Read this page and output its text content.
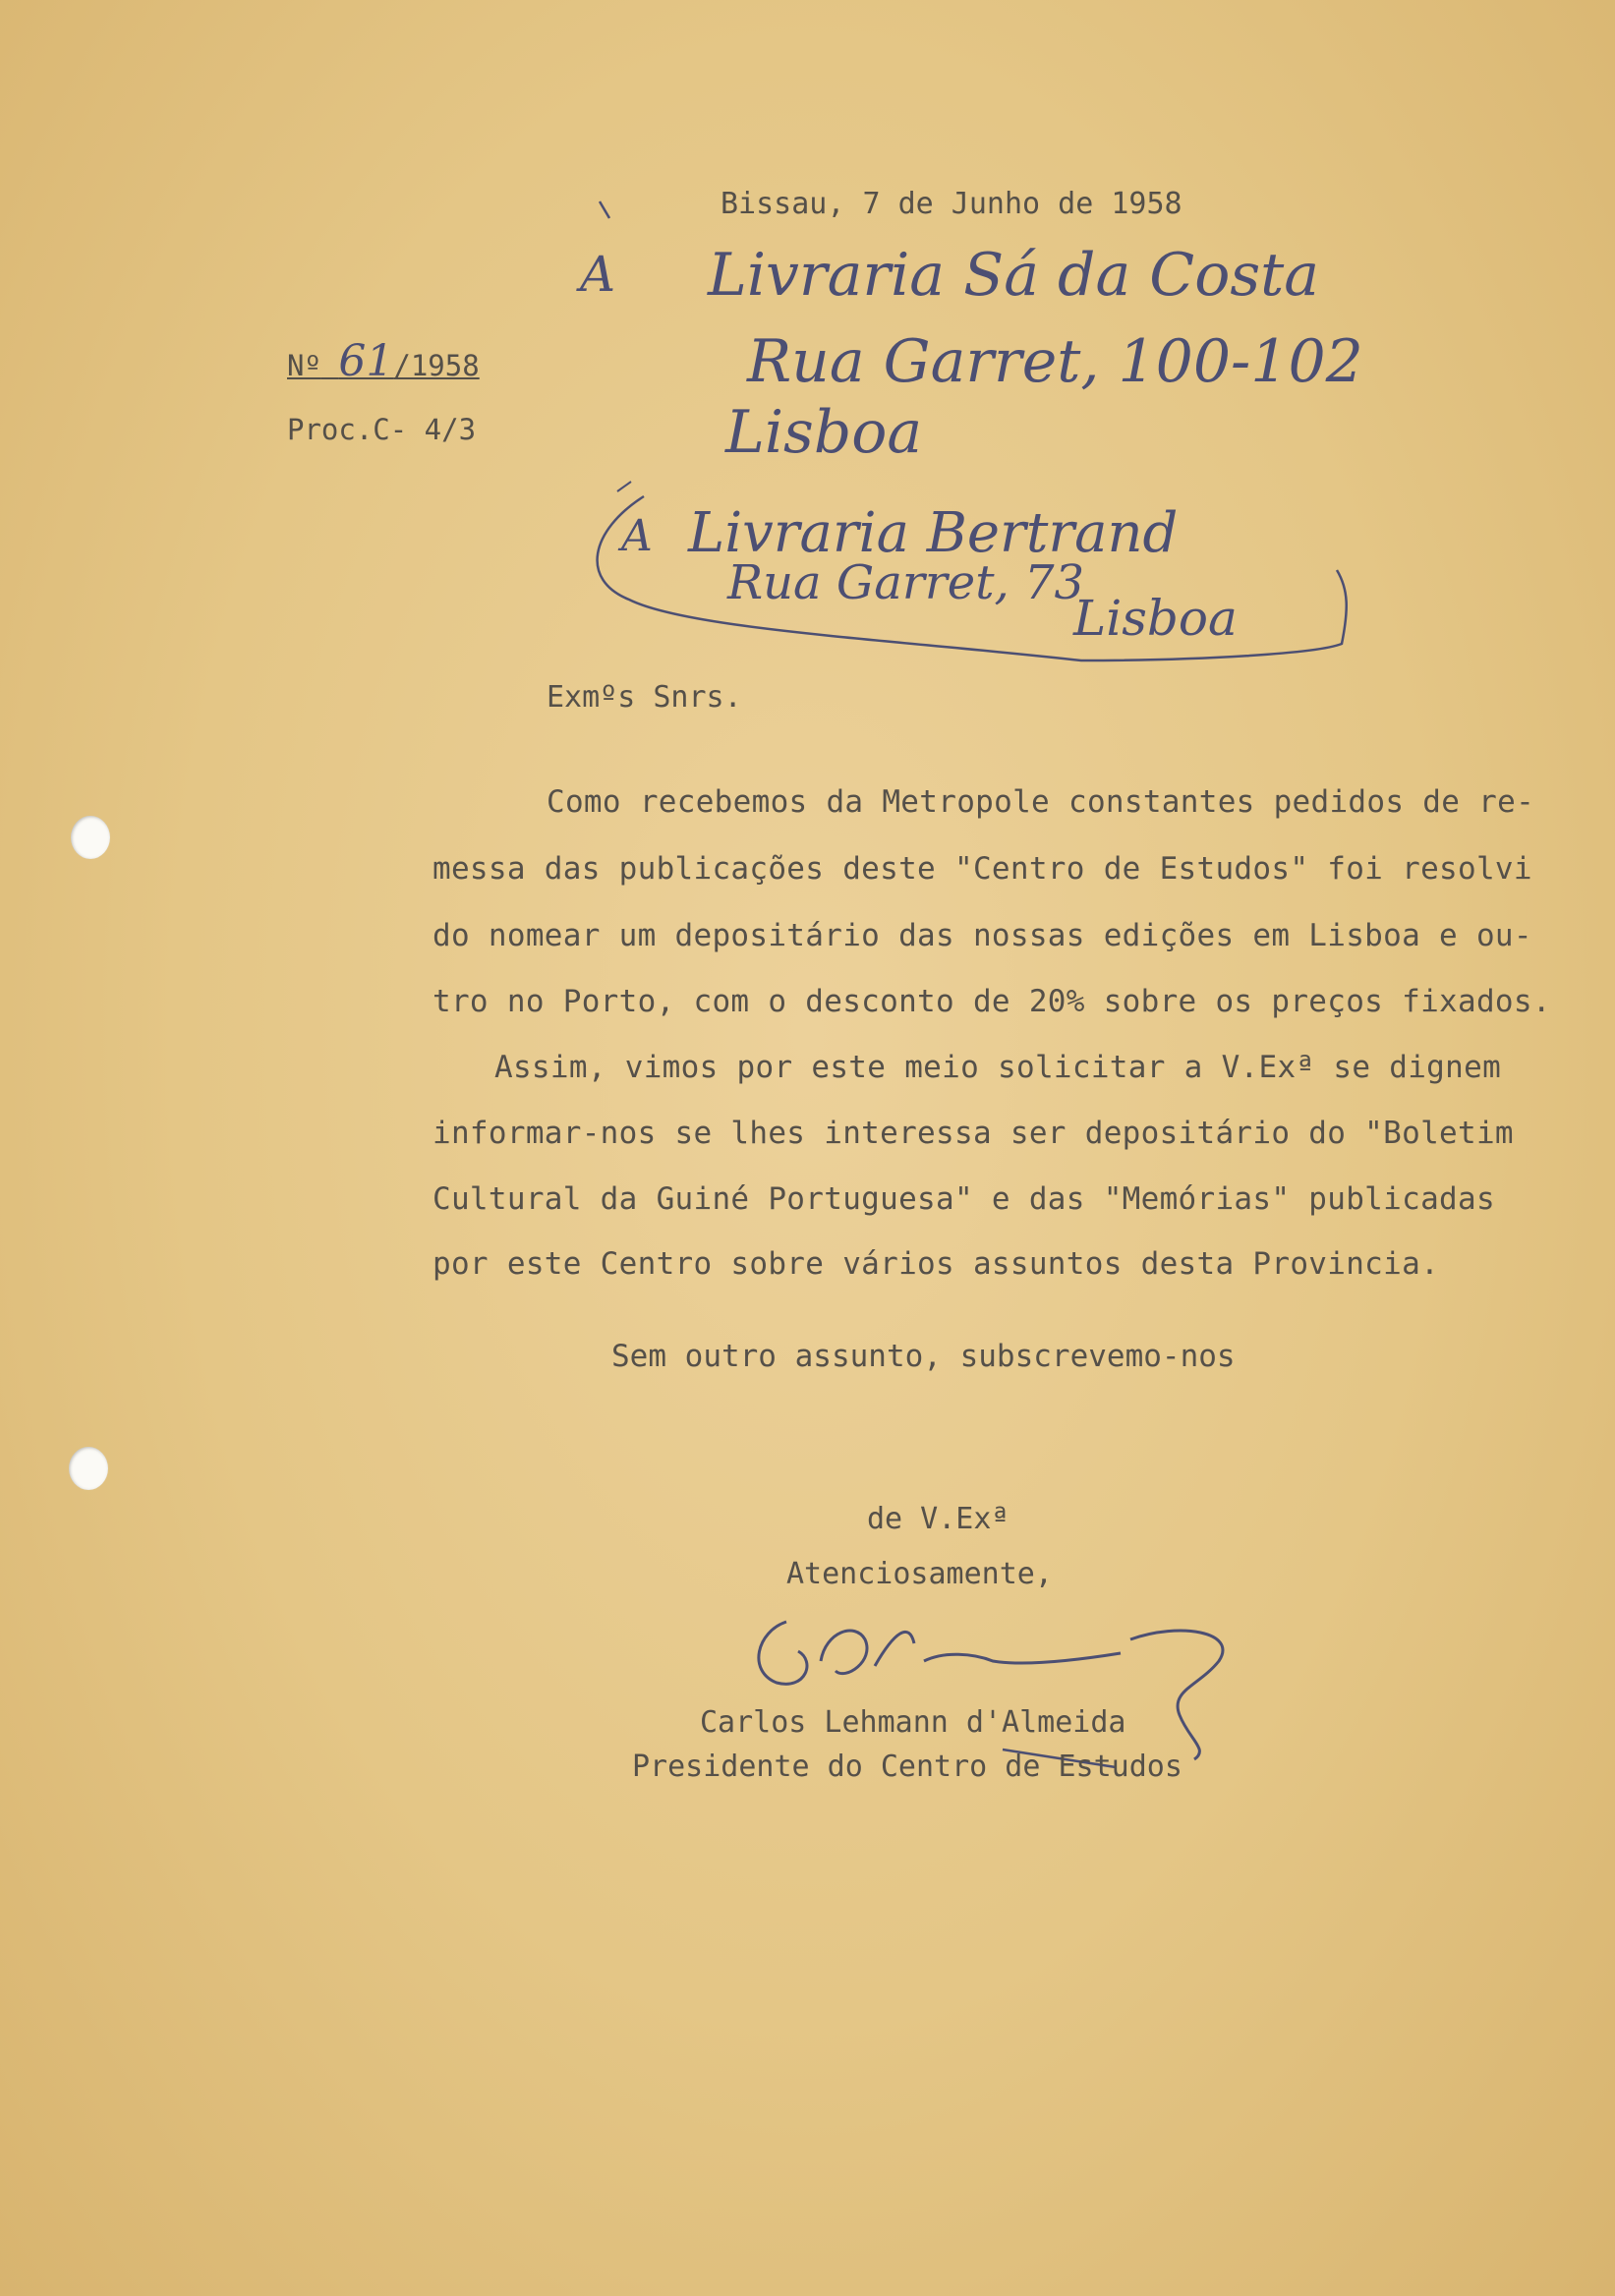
Bissau, 7 de Junho de 1958
Nº 61/1958
Proc.C- 4/3
A Livraria Sá da Costa
Rua Garret, 100-102
Lisboa
A Livraria Bertrand
Rua Garret, 73
Lisboa
Exmºs Snrs.
Como recebemos da Metropole constantes pedidos de re-
messa das publicações deste "Centro de Estudos" foi resolvi
do nomear um depositário das nossas edições em Lisboa e ou-
tro no Porto, com o desconto de 20% sobre os preços fixados.
Assim, vimos por este meio solicitar a V.Exª se dignem
informar-nos se lhes interessa ser depositário do "Boletim
Cultural da Guiné Portuguesa" e das "Memórias" publicadas
por este Centro sobre vários assuntos desta Provincia.
Sem outro assunto, subscrevemo-nos
de V.Exª
Atenciosamente,
Carlos Lehmann d'Almeida
Presidente do Centro de Estudos
